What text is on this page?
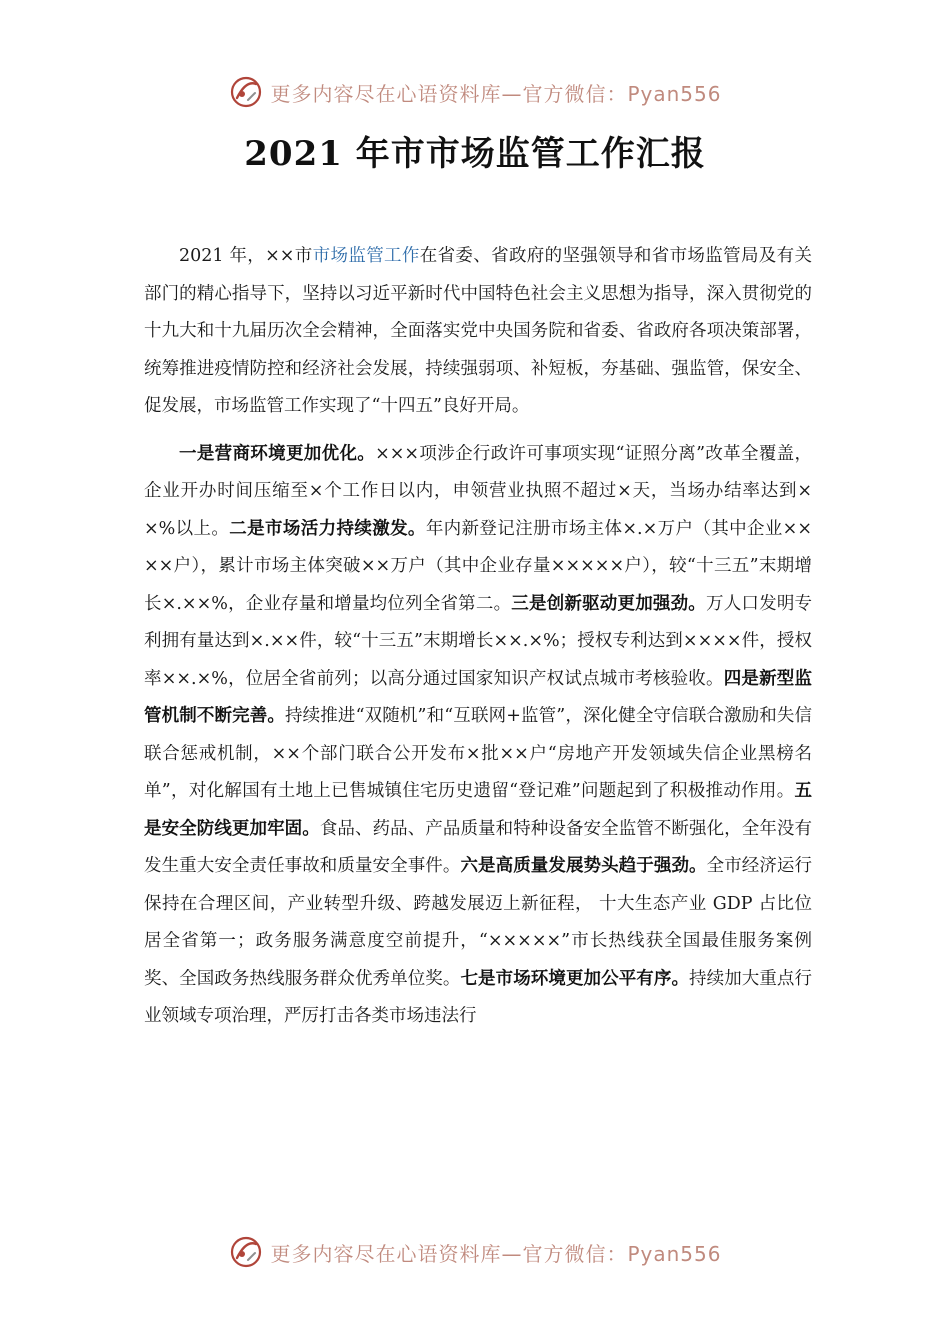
更多内容尽在心语资料库—官方微信：Pyan556
2021 年市市场监管工作汇报

2021 年，××市市场监管工作在省委、省政府的坚强领导和省市场监管局及有关部门的精心指导下，坚持以习近平新时代中国特色社会主义思想为指导，深入贯彻党的十九大和十九届历次全会精神，全面落实党中央国务院和省委、省政府各项决策部署，统筹推进疫情防控和经济社会发展，持续强弱项、补短板，夯基础、强监管，保安全、促发展，市场监管工作实现了“十四五”良好开局。

一是营商环境更加优化。×××项涉企行政许可事项实现“证照分离”改革全覆盖，企业开办时间压缩至×个工作日以内，申领营业执照不超过×天，当场办结率达到××%以上。二是市场活力持续激发。年内新登记注册市场主体×.×万户（其中企业××××户），累计市场主体突破××万户（其中企业存量×××××户），较“十三五”末期增长×.××%，企业存量和增量均位列全省第二。三是创新驱动更加强劲。万人口发明专利拥有量达到×.××件，较“十三五”末期增长××.×%；授权专利达到××××件，授权率××.×%，位居全省前列；以高分通过国家知识产权试点城市考核验收。四是新型监管机制不断完善。持续推进“双随机”和“互联网+监管”，深化健全守信联合激励和失信联合惩戒机制，××个部门联合公开发布×批××户“房地产开发领域失信企业黑榜名单”，对化解国有土地上已售城镇住宅历史遗留“登记难”问题起到了积极推动作用。五是安全防线更加牢固。食品、药品、产品质量和特种设备安全监管不断强化，全年没有发生重大安全责任事故和质量安全事件。六是高质量发展势头趋于强劲。全市经济运行保持在合理区间，产业转型升级、跨越发展迈上新征程， 十大生态产业 GDP 占比位居全省第一；政务服务满意度空前提升，“×××××”市长热线获全国最佳服务案例奖、全国政务热线服务群众优秀单位奖。七是市场环境更加公平有序。持续加大重点行业领域专项治理，严厉打击各类市场违法行

更多内容尽在心语资料库—官方微信：Pyan556
